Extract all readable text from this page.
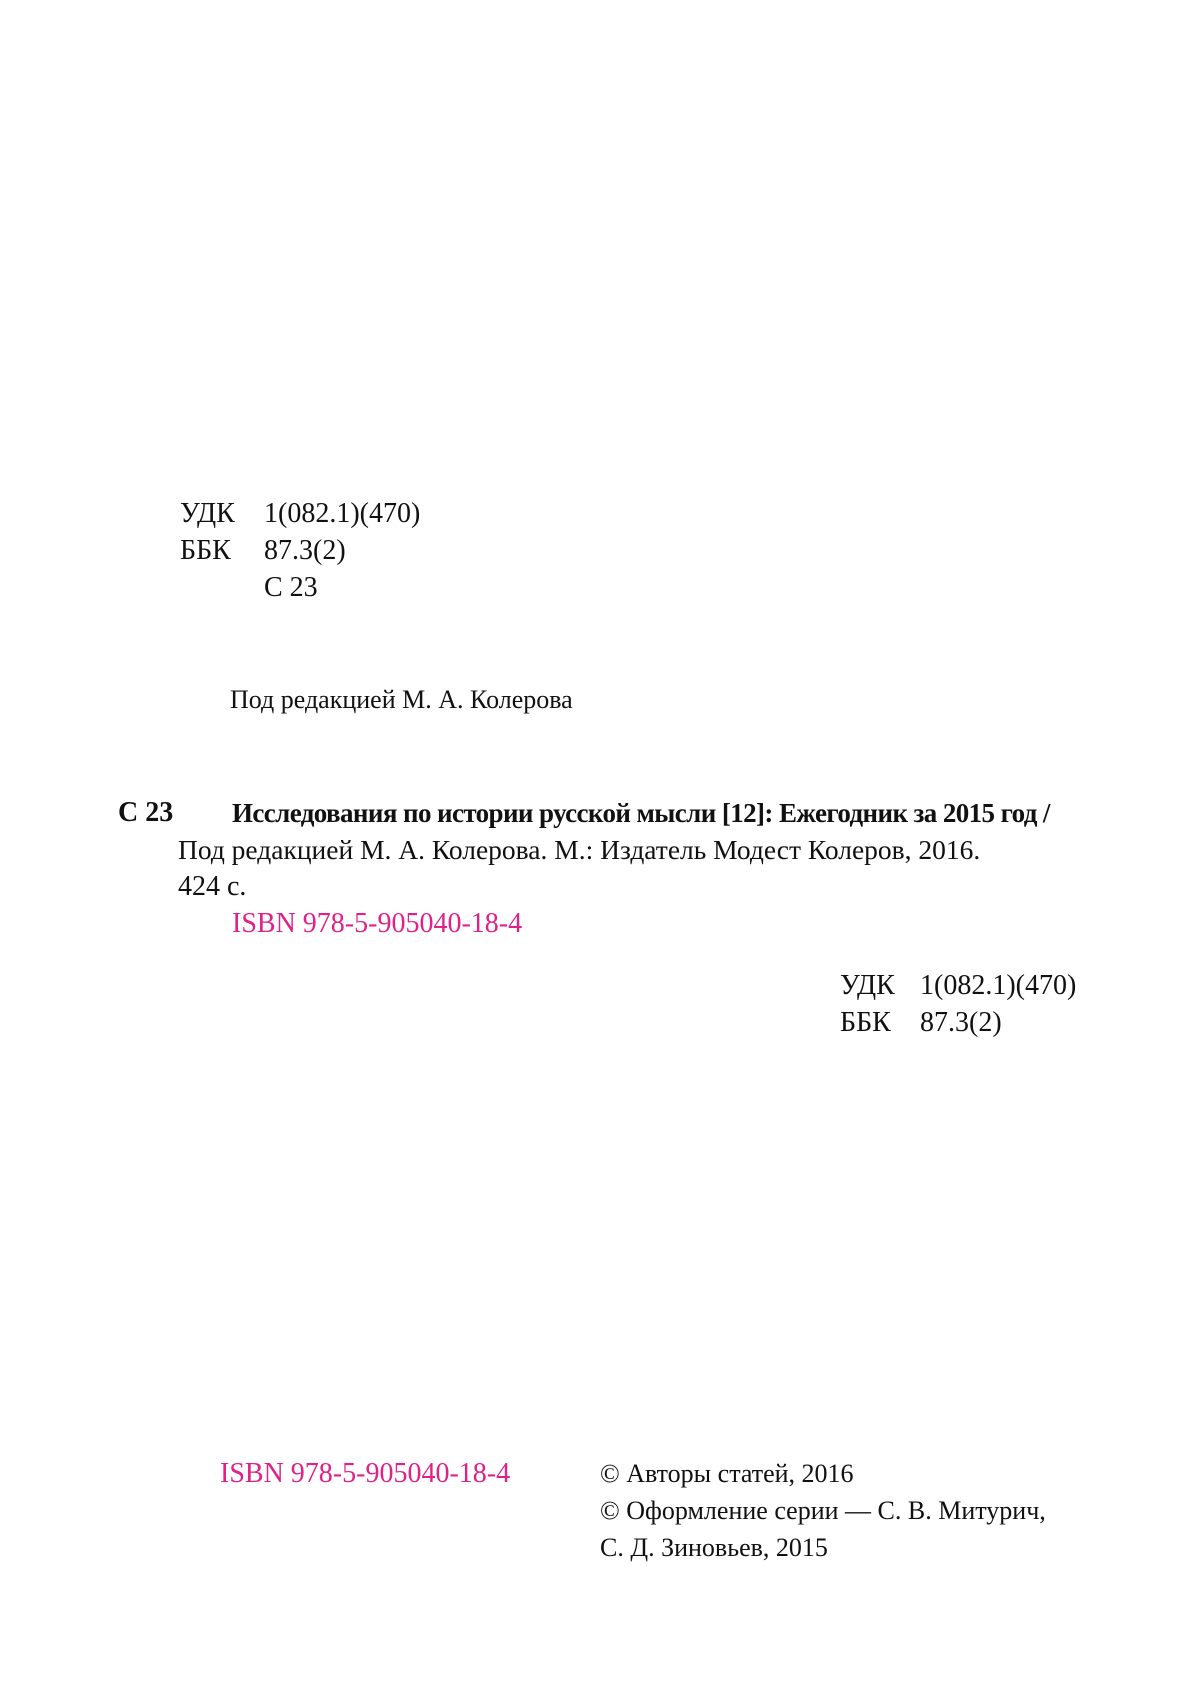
УДК 1(082.1)(470)
ББК 87.3(2)
С 23
Под редакцией М. А. Колерова
С 23 Исследования по истории русской мысли [12]: Ежегодник за 2015 год /
Под редакцией М. А. Колерова. М.: Издатель Модест Колеров, 2016.
424 с.
ISBN 978-5-905040-18-4
УДК 1(082.1)(470)
ББК 87.3(2)
ISBN 978-5-905040-18-4	© Авторы статей, 2016
© Оформление серии — С. В. Митурич,
С. Д. Зиновьев, 2015
